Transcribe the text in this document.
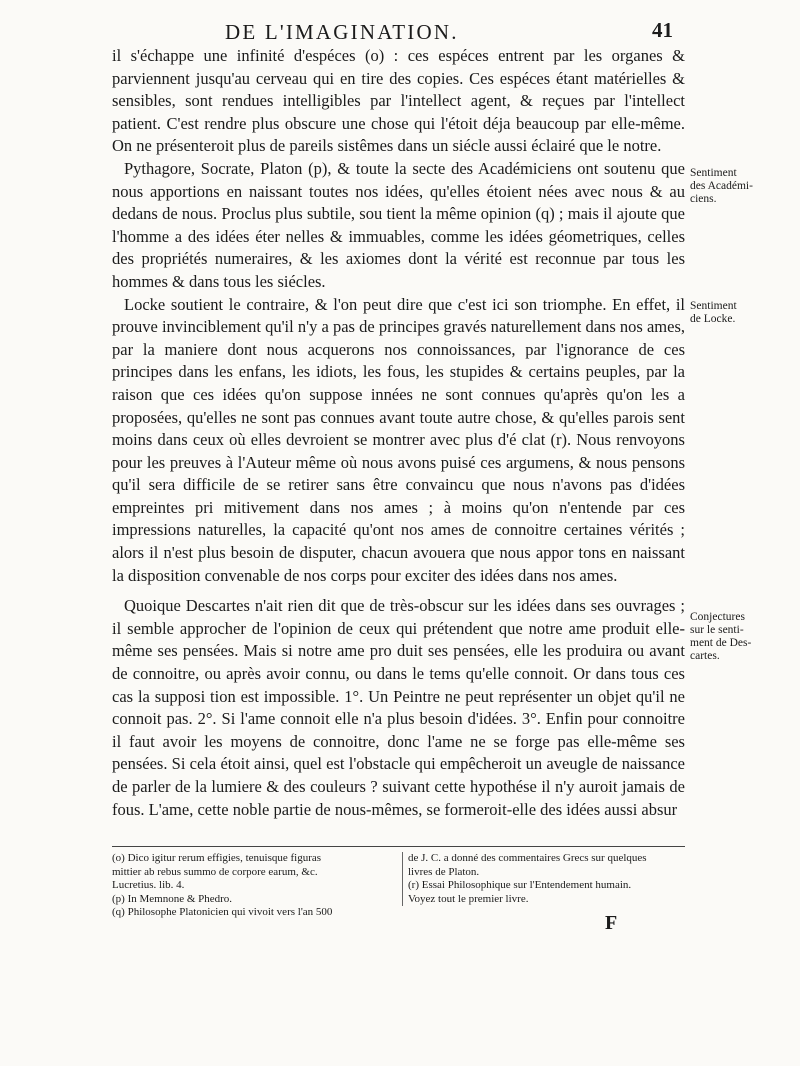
DE L'IMAGINATION.	41

il s'échappe une infinité d'espéces (o) : ces espéces entrent par les organes & parviennent jusqu'au cerveau qui en tire des copies. Ces espéces étant matérielles & sensibles, sont rendues intelligibles par l'intellect agent, & reçues par l'intellect patient. C'est rendre plus obscure une chose qui l'étoit déja beaucoup par elle-même. On ne présenteroit plus de pareils sistêmes dans un siécle aussi éclairé que le notre.

Pythagore, Socrate, Platon (p), & toute la secte des Académiciens ont soutenu que nous apportions en naissant toutes nos idées, qu'elles étoient nées avec nous & au dedans de nous. Proclus plus subtile, sou tient la même opinion (q) ; mais il ajoute que l'homme a des idées éter nelles & immuables, comme les idées géometriques, celles des propriétés numeraires, & les axiomes dont la vérité est reconnue par tous les hommes & dans tous les siécles.

Locke soutient le contraire, & l'on peut dire que c'est ici son triomphe. En effet, il prouve invinciblement qu'il n'y a pas de principes gravés naturellement dans nos ames, par la maniere dont nous acquerons nos connoissances, par l'ignorance de ces principes dans les enfans, les idiots, les fous, les stupides & certains peuples, par la raison que ces idées qu'on suppose innées ne sont connues qu'après qu'on les a proposées, qu'elles ne sont pas connues avant toute autre chose, & qu'elles parois sent moins dans ceux où elles devroient se montrer avec plus d'é clat (r). Nous renvoyons pour les preuves à l'Auteur même où nous avons puisé ces argumens, & nous pensons qu'il sera difficile de se retirer sans être convaincu que nous n'avons pas d'idées empreintes pri mitivement dans nos ames ; à moins qu'on n'entende par ces impressions naturelles, la capacité qu'ont nos ames de connoitre certaines vérités ; alors il n'est plus besoin de disputer, chacun avouera que nous appor tons en naissant la disposition convenable de nos corps pour exciter des idées dans nos ames.

Quoique Descartes n'ait rien dit que de très-obscur sur les idées dans ses ouvrages ; il semble approcher de l'opinion de ceux qui prétendent que notre ame produit elle-même ses pensées. Mais si notre ame pro duit ses pensées, elle les produira ou avant de connoitre, ou après avoir connu, ou dans le tems qu'elle connoit. Or dans tous ces cas la supposi tion est impossible. 1°. Un Peintre ne peut représenter un objet qu'il ne connoit pas. 2°. Si l'ame connoit elle n'a plus besoin d'idées. 3°. Enfin pour connoitre il faut avoir les moyens de connoitre, donc l'ame ne se forge pas elle-même ses pensées. Si cela étoit ainsi, quel est l'obstacle qui empêcheroit un aveugle de naissance de parler de la lumiere & des couleurs ? suivant cette hypothése il n'y auroit jamais de fous. L'ame, cette noble partie de nous-mêmes, se formeroit-elle des idées aussi absur

Sentiment
des Académi-
ciens.
Sentiment
de Locke.
Conjectures
sur le senti-
ment de Des-
cartes.
(o) Dico igitur rerum effigies, tenuisque figuras
mittier ab rebus summo de corpore earum, &c.
Lucretius. lib. 4.
(p) In Memnone & Phedro.
(q) Philosophe Platonicien qui vivoit vers l'an 500
de J. C. a donné des commentaires Grecs sur quelques
livres de Platon.
(r) Essai Philosophique sur l'Entendement humain.
Voyez tout le premier livre.
F
